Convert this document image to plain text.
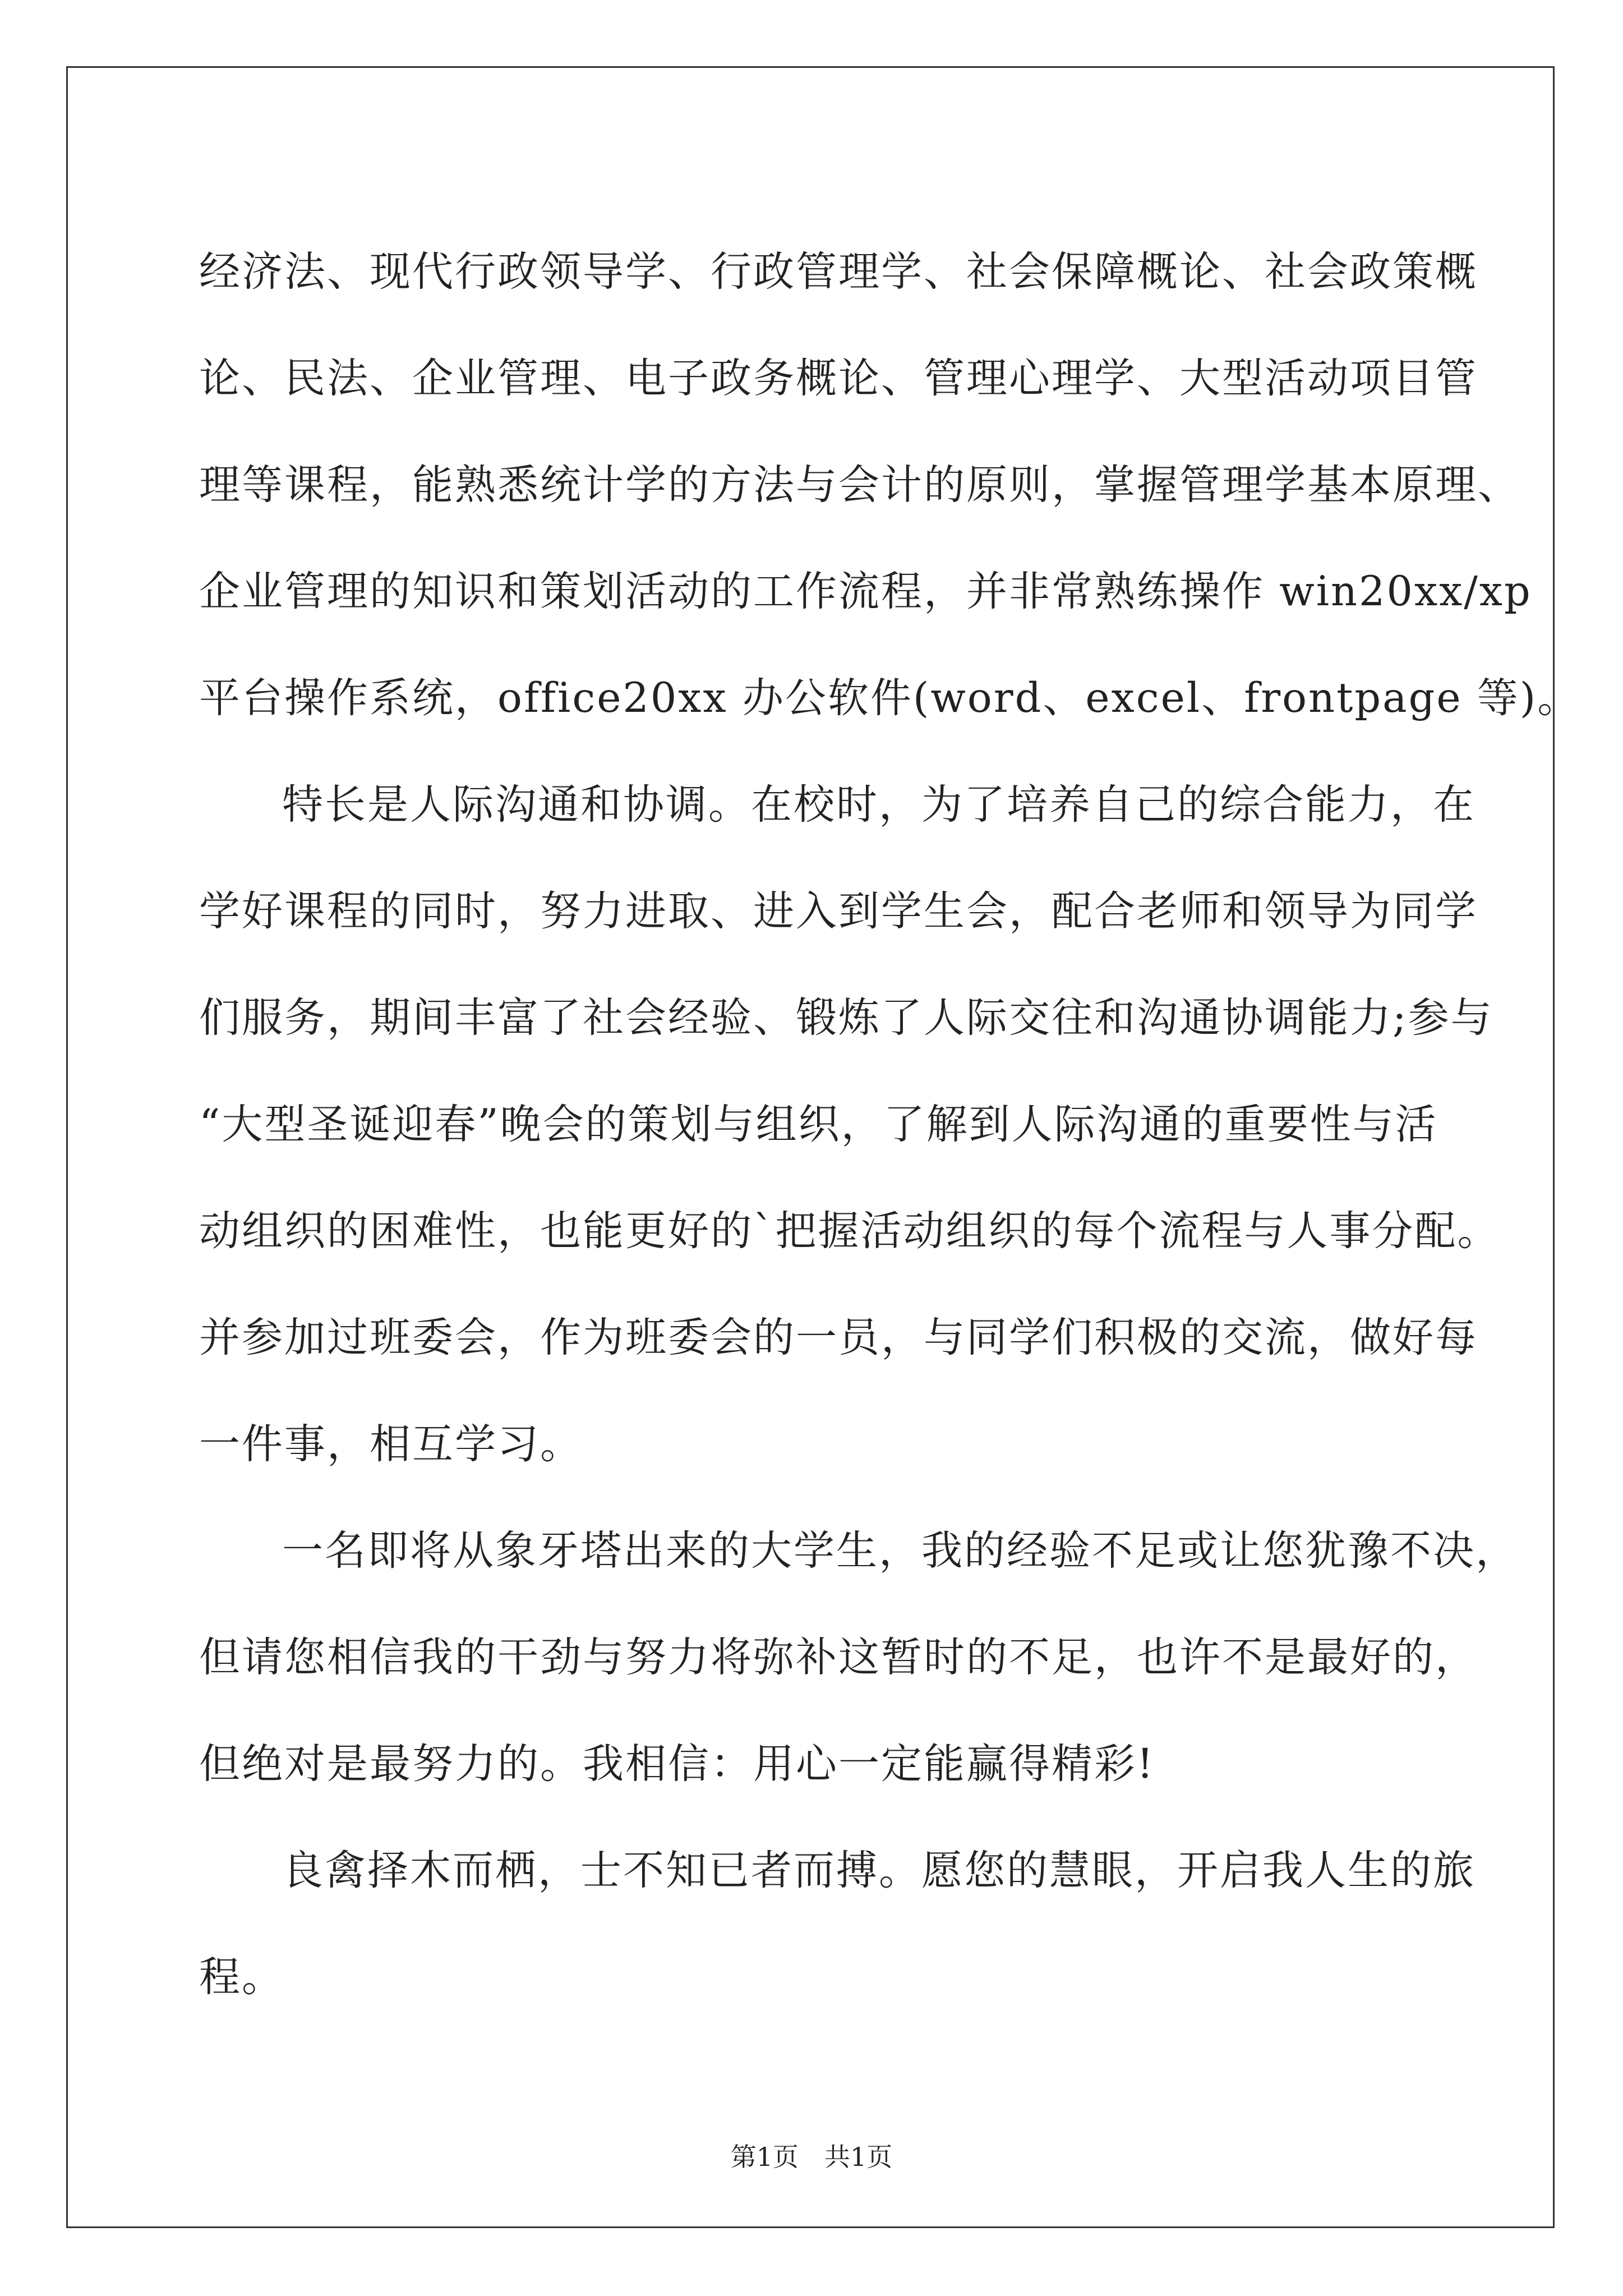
经济法、现代行政领导学、行政管理学、社会保障概论、社会政策概
论、民法、企业管理、电子政务概论、管理心理学、大型活动项目管
理等课程，能熟悉统计学的方法与会计的原则，掌握管理学基本原理、
企业管理的知识和策划活动的工作流程，并非常熟练操作 win20xx/xp
平台操作系统，office20xx 办公软件(word、excel、frontpage 等)。
特长是人际沟通和协调。在校时，为了培养自己的综合能力，在
学好课程的同时，努力进取、进入到学生会，配合老师和领导为同学
们服务，期间丰富了社会经验、锻炼了人际交往和沟通协调能力;参与
“大型圣诞迎春”晚会的策划与组织，了解到人际沟通的重要性与活
动组织的困难性，也能更好的`把握活动组织的每个流程与人事分配。
并参加过班委会，作为班委会的一员，与同学们积极的交流，做好每
一件事，相互学习。
一名即将从象牙塔出来的大学生，我的经验不足或让您犹豫不决，
但请您相信我的干劲与努力将弥补这暂时的不足，也许不是最好的，
但绝对是最努力的。我相信：用心一定能赢得精彩!
良禽择木而栖，士不知已者而搏。愿您的慧眼，开启我人生的旅
程。
第1页 共1页
